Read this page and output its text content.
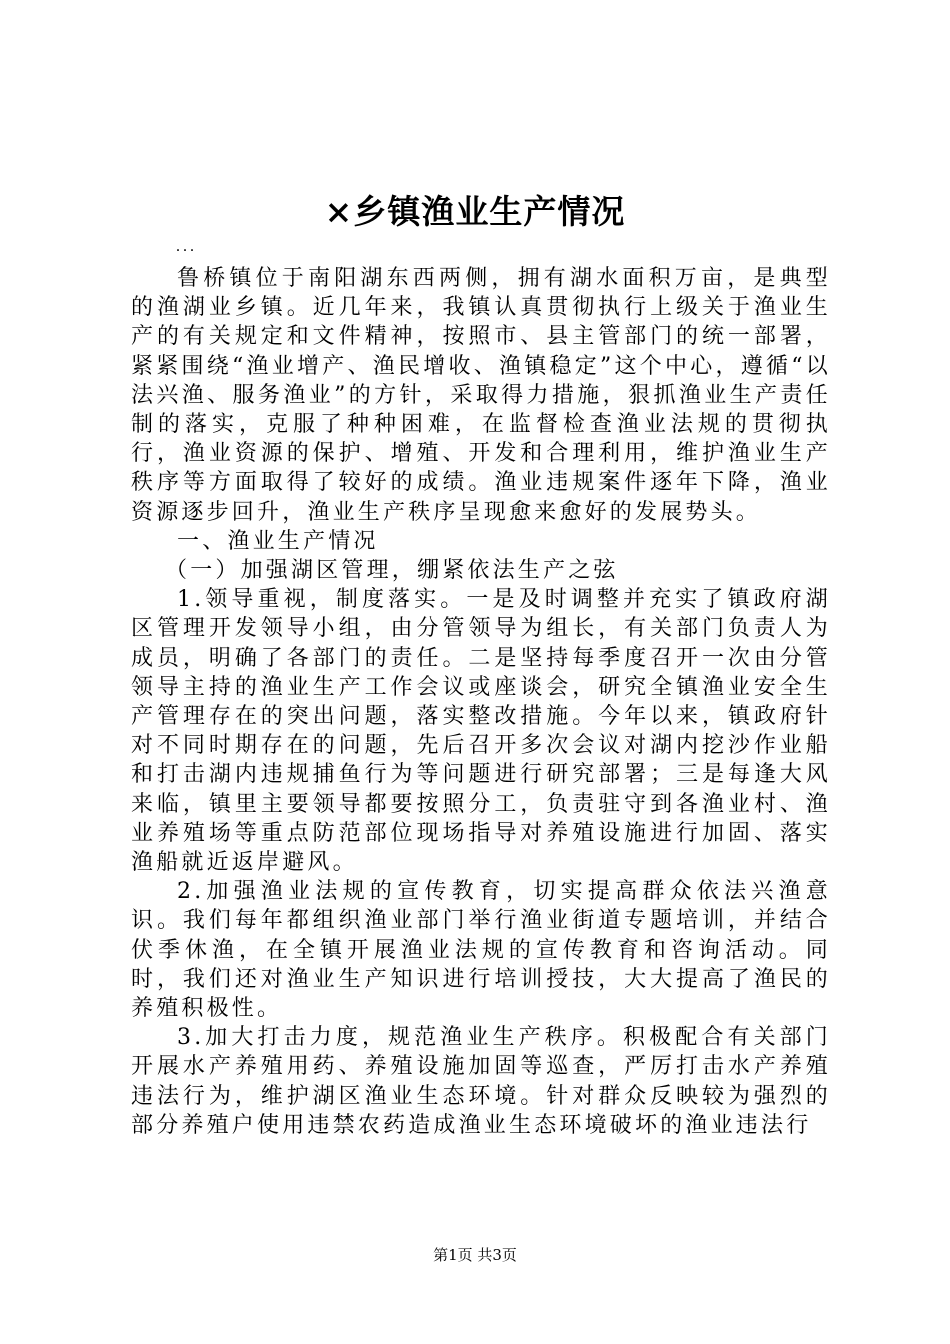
×乡镇渔业生产情况
...

鲁桥镇位于南阳湖东西两侧，拥有湖水面积万亩，是典型的渔湖业乡镇。近几年来，我镇认真贯彻执行上级关于渔业生产的有关规定和文件精神，按照市、县主管部门的统一部署，紧紧围绕“渔业增产、渔民增收、渔镇稳定”这个中心，遵循“以法兴渔、服务渔业”的方针，采取得力措施，狠抓渔业生产责任制的落实，克服了种种困难，在监督检查渔业法规的贯彻执行，渔业资源的保护、增殖、开发和合理利用，维护渔业生产秩序等方面取得了较好的成绩。渔业违规案件逐年下降，渔业资源逐步回升，渔业生产秩序呈现愈来愈好的发展势头。

一、渔业生产情况

（一）加强湖区管理，绷紧依法生产之弦

1.领导重视，制度落实。一是及时调整并充实了镇政府湖区管理开发领导小组，由分管领导为组长，有关部门负责人为成员，明确了各部门的责任。二是坚持每季度召开一次由分管领导主持的渔业生产工作会议或座谈会，研究全镇渔业安全生产管理存在的突出问题，落实整改措施。今年以来，镇政府针对不同时期存在的问题，先后召开多次会议对湖内挖沙作业船和打击湖内违规捕鱼行为等问题进行研究部署；三是每逢大风来临，镇里主要领导都要按照分工，负责驻守到各渔业村、渔业养殖场等重点防范部位现场指导对养殖设施进行加固、落实渔船就近返岸避风。

2.加强渔业法规的宣传教育，切实提高群众依法兴渔意识。我们每年都组织渔业部门举行渔业街道专题培训，并结合伏季休渔，在全镇开展渔业法规的宣传教育和咨询活动。同时，我们还对渔业生产知识进行培训授技，大大提高了渔民的养殖积极性。

3.加大打击力度，规范渔业生产秩序。积极配合有关部门开展水产养殖用药、养殖设施加固等巡查，严厉打击水产养殖违法行为，维护湖区渔业生态环境。针对群众反映较为强烈的部分养殖户使用违禁农药造成渔业生态环境破坏的渔业违法行

第1页 共3页
